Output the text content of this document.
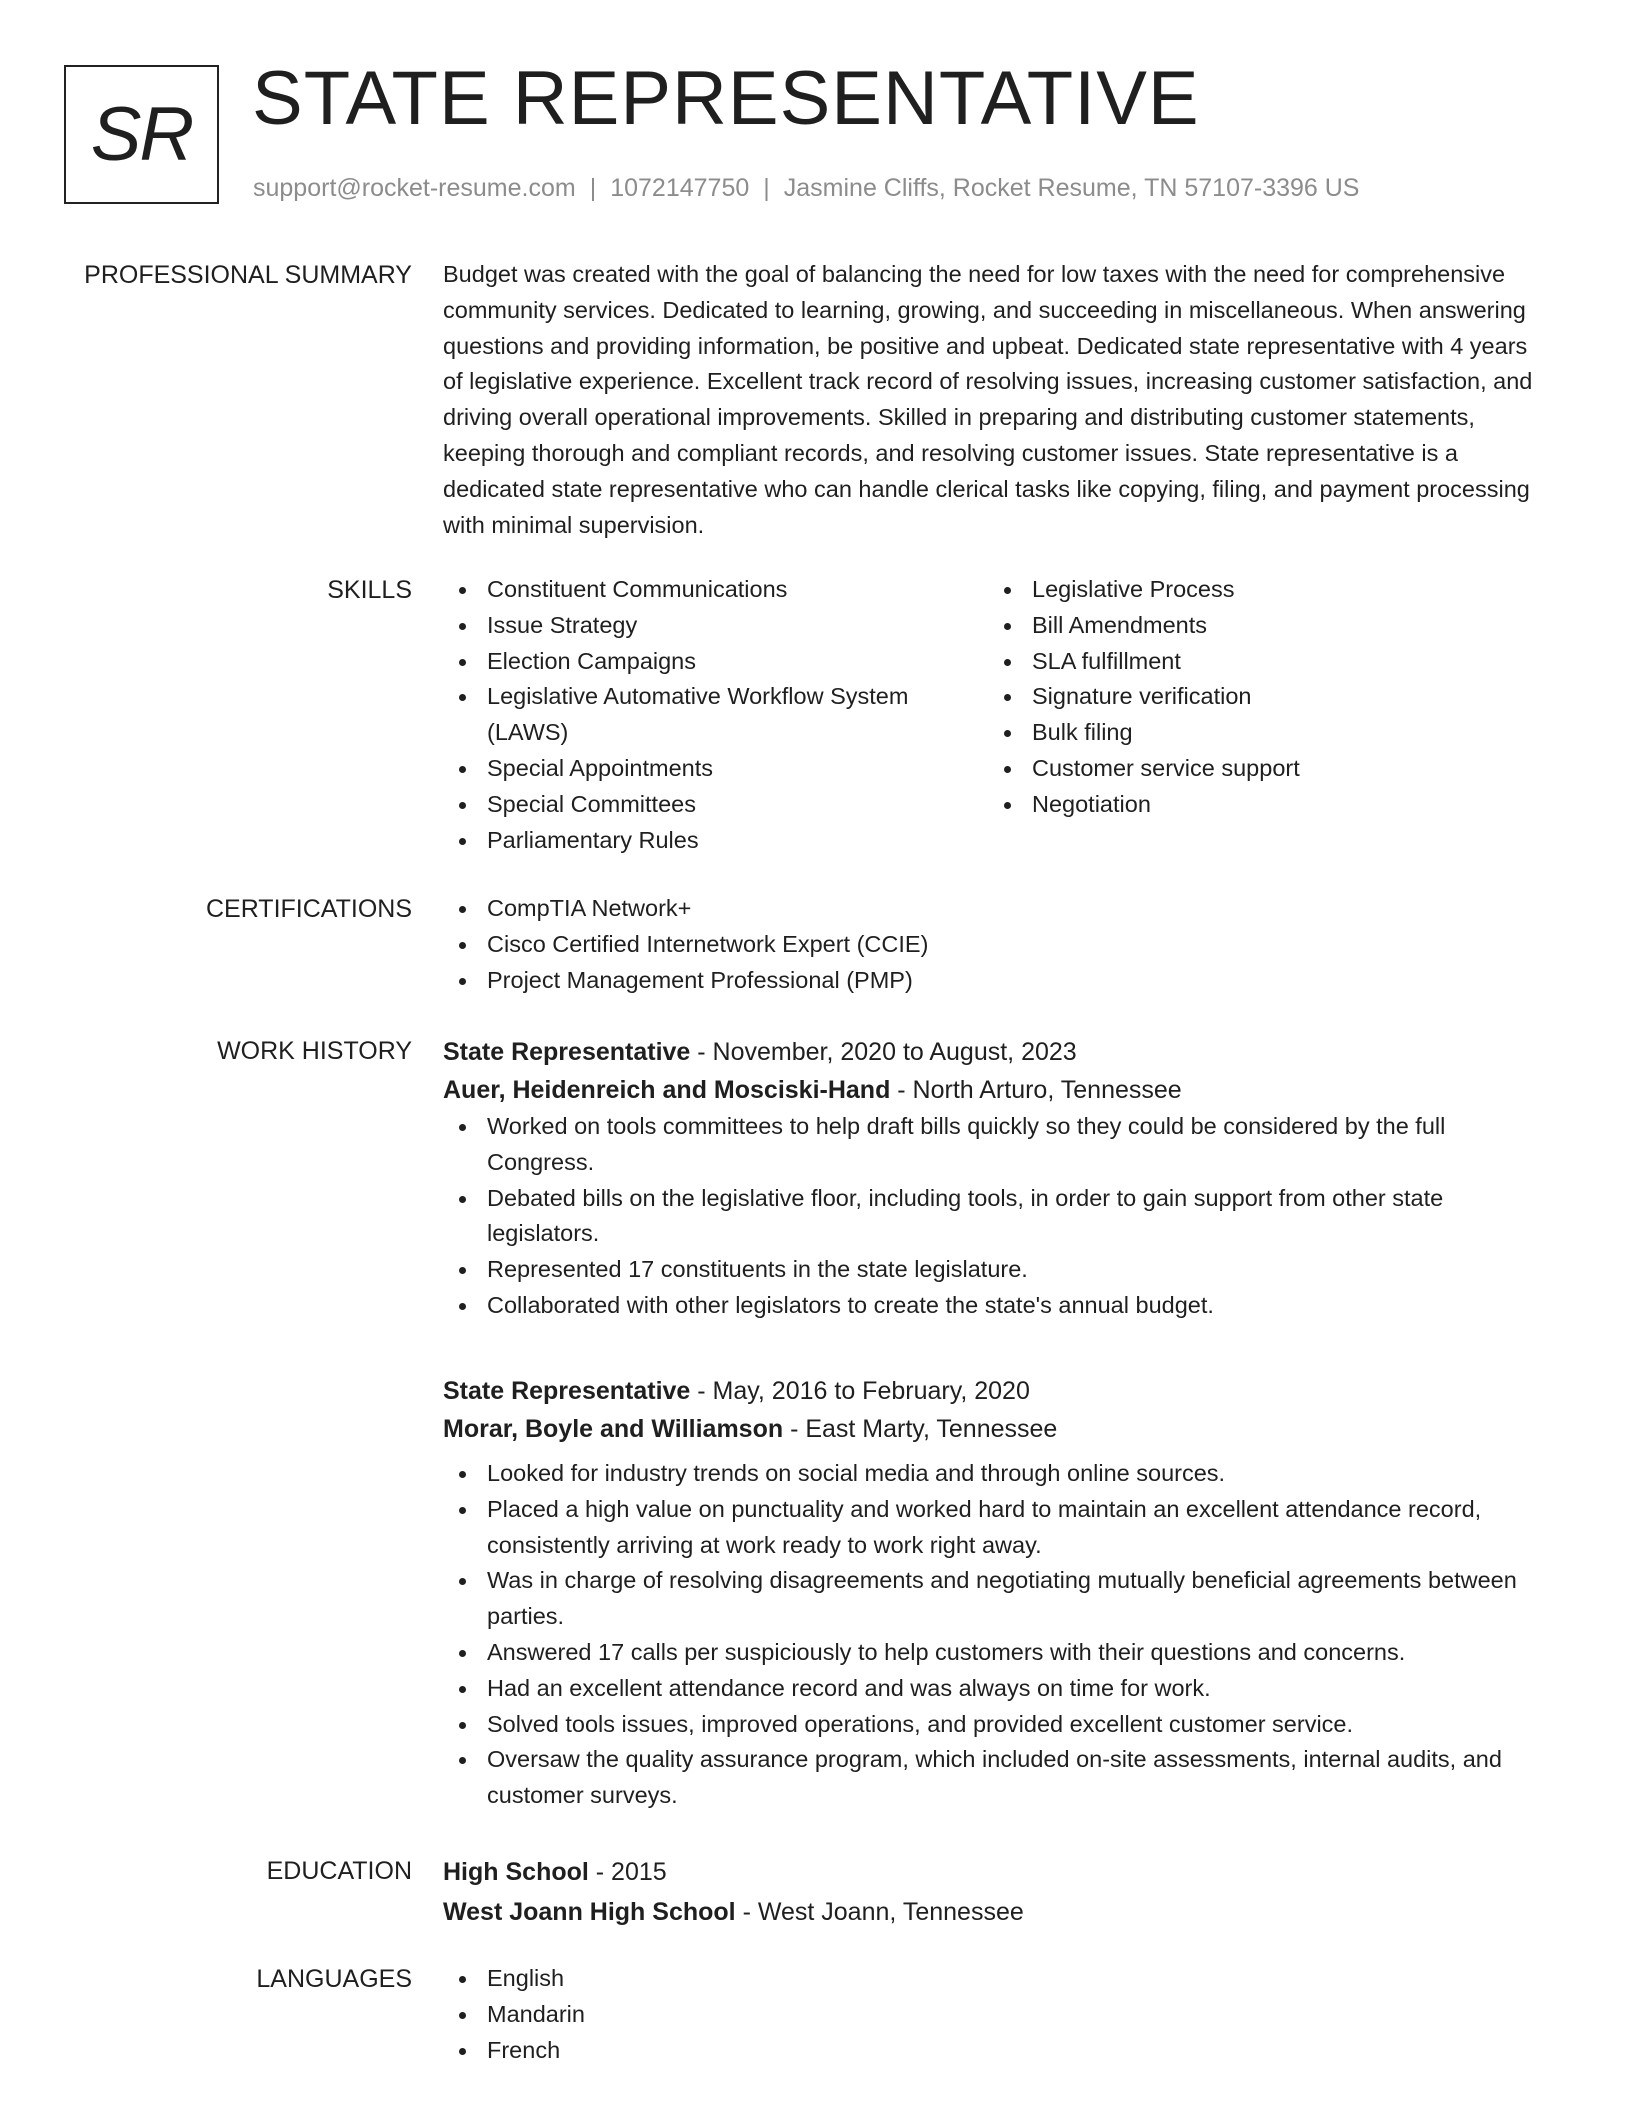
SR STATE REPRESENTATIVE
support@rocket-resume.com | 1072147750 | Jasmine Cliffs, Rocket Resume, TN 57107-3396 US
PROFESSIONAL SUMMARY Budget was created with the goal of balancing the need for low taxes with the need for comprehensive community services. Dedicated to learning, growing, and succeeding in miscellaneous. When answering questions and providing information, be positive and upbeat. Dedicated state representative with 4 years of legislative experience. Excellent track record of resolving issues, increasing customer satisfaction, and driving overall operational improvements. Skilled in preparing and distributing customer statements, keeping thorough and compliant records, and resolving customer issues. State representative is a dedicated state representative who can handle clerical tasks like copying, filing, and payment processing with minimal supervision.

SKILLS	Constituent Communications
Issue Strategy
Election Campaigns
Legislative Automative Workflow System (LAWS)
Special Appointments
Special Committees
Parliamentary Rules
Legislative Process
Bill Amendments
SLA fulfillment
Signature verification
Bulk filing
Customer service support
Negotiation
CERTIFICATIONS	CompTIA Network+
Cisco Certified Internetwork Expert (CCIE)
Project Management Professional (PMP)
WORK HISTORY State Representative - November, 2020 to August, 2023
Auer, Heidenreich and Mosciski-Hand - North Arturo, Tennessee
Worked on tools committees to help draft bills quickly so they could be considered by the full Congress.
Debated bills on the legislative floor, including tools, in order to gain support from other state legislators.
Represented 17 constituents in the state legislature.
Collaborated with other legislators to create the state's annual budget.
State Representative - May, 2016 to February, 2020
Morar, Boyle and Williamson - East Marty, Tennessee
Looked for industry trends on social media and through online sources.
Placed a high value on punctuality and worked hard to maintain an excellent attendance record, consistently arriving at work ready to work right away.
Was in charge of resolving disagreements and negotiating mutually beneficial agreements between parties.
Answered 17 calls per suspiciously to help customers with their questions and concerns.
Had an excellent attendance record and was always on time for work.
Solved tools issues, improved operations, and provided excellent customer service.
Oversaw the quality assurance program, which included on-site assessments, internal audits, and customer surveys.
EDUCATION High School - 2015
West Joann High School - West Joann, Tennessee
LANGUAGES	English
Mandarin
French
